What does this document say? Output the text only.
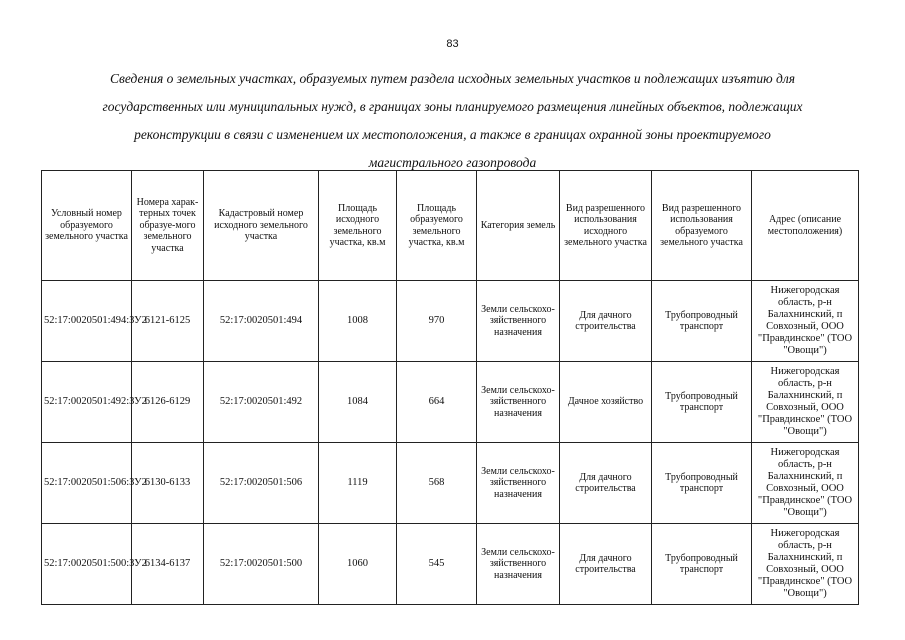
83
Сведения о земельных участках, образуемых путем раздела исходных земельных участков и подлежащих изъятию для
государственных или муниципальных нужд, в границах зоны планируемого размещения линейных объектов, подлежащих
реконструкции в связи с изменением их местоположения, а также в границах охранной зоны проектируемого
магистрального газопровода
Условный номер образуемого земельного участка	Номера харак-терных точек образуе-мого земельного участка	Кадастровый номер исходного земельного участка	Площадь исходного земельного участка, кв.м	Площадь образуемого земельного участка, кв.м	Категория земель	Вид разрешенного использования исходного земельного участка	Вид разрешенного использования образуемого земельного участка	Адрес (описание местоположения)
52:17:0020501:494:ЗУ2	6121-6125	52:17:0020501:494	1008	970	Земли сельскохо-зяйственного назначения	Для дачного строительства	Трубопроводный транспорт	Нижегородская область, р-н Балахнинский, п Совхозный, ООО "Правдинское" (ТОО "Овощи")
52:17:0020501:492:ЗУ2	6126-6129	52:17:0020501:492	1084	664	Земли сельскохо-зяйственного назначения	Дачное хозяйство	Трубопроводный транспорт	Нижегородская область, р-н Балахнинский, п Совхозный, ООО "Правдинское" (ТОО "Овощи")
52:17:0020501:506:ЗУ2	6130-6133	52:17:0020501:506	1119	568	Земли сельскохо-зяйственного назначения	Для дачного строительства	Трубопроводный транспорт	Нижегородская область, р-н Балахнинский, п Совхозный, ООО "Правдинское" (ТОО "Овощи")
52:17:0020501:500:ЗУ2	6134-6137	52:17:0020501:500	1060	545	Земли сельскохо-зяйственного назначения	Для дачного строительства	Трубопроводный транспорт	Нижегородская область, р-н Балахнинский, п Совхозный, ООО "Правдинское" (ТОО "Овощи")
